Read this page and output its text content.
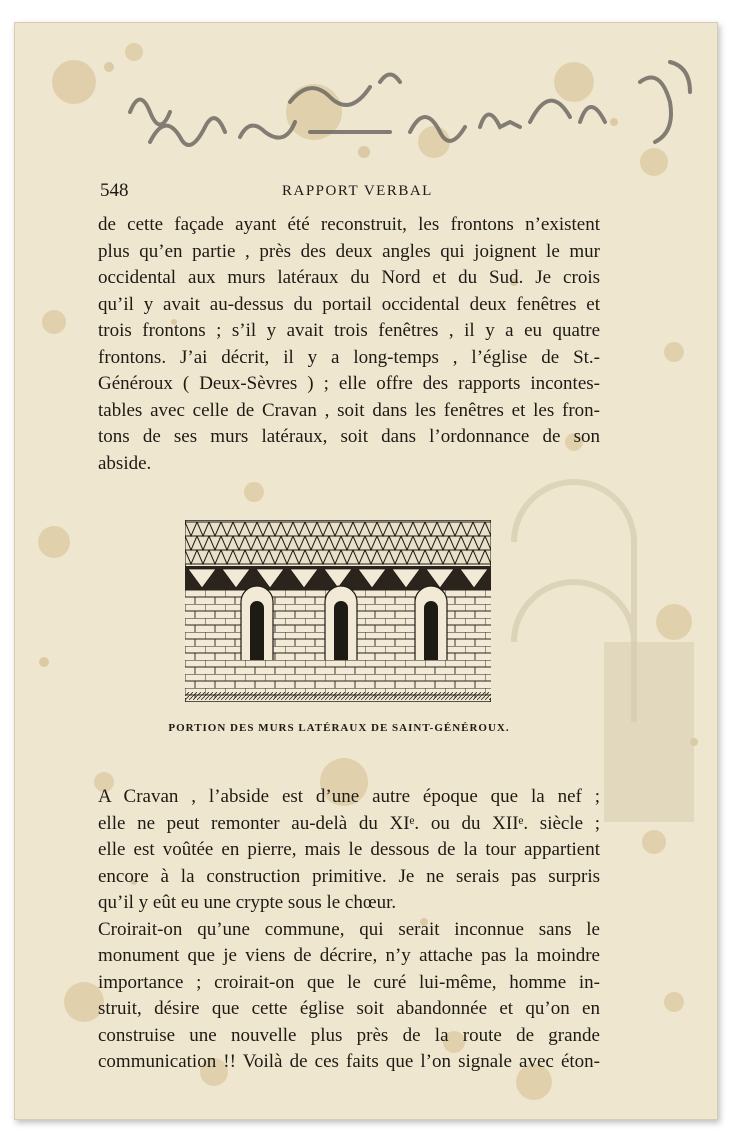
548	RAPPORT VERBAL
de cette façade ayant été reconstruit, les frontons n’existent
plus qu’en partie , près des deux angles qui joignent le mur
occidental aux murs latéraux du Nord et du Sud. Je crois
qu’il y avait au-dessus du portail occidental deux fenêtres et
trois frontons ; s’il y avait trois fenêtres , il y a eu quatre
frontons. J’ai décrit, il y a long-temps , l’église de St.-
Généroux ( Deux-Sèvres ) ; elle offre des rapports incontes-
tables avec celle de Cravan , soit dans les fenêtres et les fron-
tons de ses murs latéraux, soit dans l’ordonnance de son
abside.
PORTION DES MURS LATÉRAUX DE SAINT-GÉNÉROUX.
A Cravan , l’abside est d’une autre époque que la nef ;
elle ne peut remonter au-delà du XIᵉ. ou du XIIᵉ. siècle ;
elle est voûtée en pierre, mais le dessous de la tour appartient
encore à la construction primitive. Je ne serais pas surpris
qu’il y eût eu une crypte sous le chœur.
Croirait-on qu’une commune, qui serait inconnue sans le
monument que je viens de décrire, n’y attache pas la moindre
importance ; croirait-on que le curé lui-même, homme in-
struit, désire que cette église soit abandonnée et qu’on en
construise une nouvelle plus près de la route de grande
communication !! Voilà de ces faits que l’on signale avec éton-
